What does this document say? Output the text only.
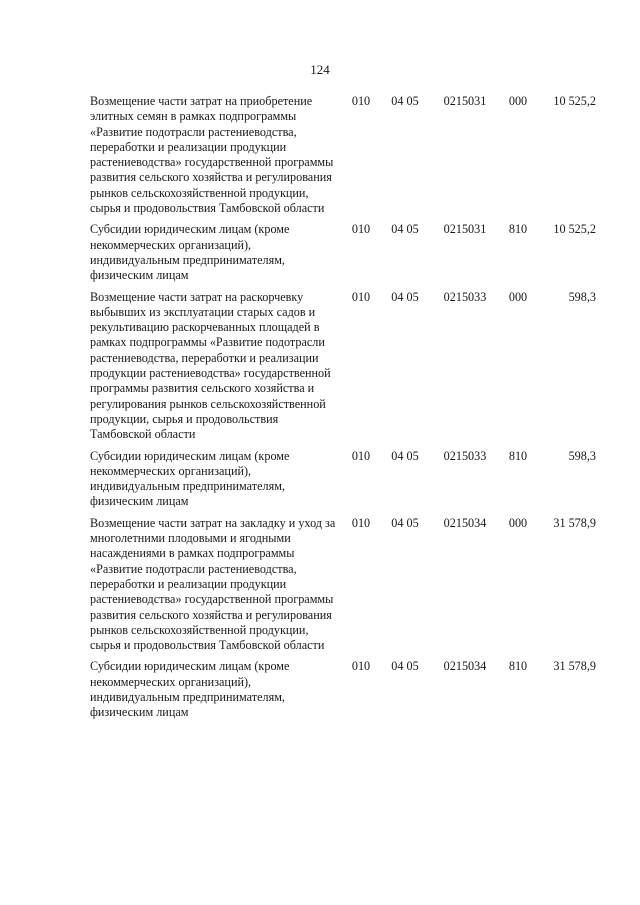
124
Возмещение части затрат на приобретение элитных семян в рамках подпрограммы «Развитие подотрасли растениеводства, переработки и реализации продукции растениеводства» государственной программы развития сельского хозяйства и регулирования рынков сельскохозяйственной продукции, сырья и продовольствия Тамбовской области	010	04 05	0215031	000	10 525,2

Субсидии юридическим лицам (кроме некоммерческих организаций), индивидуальным предпринимателям, физическим лицам	010	04 05	0215031	810	10 525,2

Возмещение части затрат на раскорчевку выбывших из эксплуатации старых садов и рекультивацию раскорчеванных площадей в рамках подпрограммы «Развитие подотрасли растениеводства, переработки и реализации продукции растениеводства» государственной программы развития сельского хозяйства и регулирования рынков сельскохозяйственной продукции, сырья и продовольствия Тамбовской области	010	04 05	0215033	000	598,3

Субсидии юридическим лицам (кроме некоммерческих организаций), индивидуальным предпринимателям, физическим лицам	010	04 05	0215033	810	598,3

Возмещение части затрат на закладку и уход за многолетними плодовыми и ягодными насаждениями в рамках подпрограммы «Развитие подотрасли растениеводства, переработки и реализации продукции растениеводства» государственной программы развития сельского хозяйства и регулирования рынков сельскохозяйственной продукции, сырья и продовольствия Тамбовской области	010	04 05	0215034	000	31 578,9

Субсидии юридическим лицам (кроме некоммерческих организаций), индивидуальным предпринимателям, физическим лицам	010	04 05	0215034	810	31 578,9
